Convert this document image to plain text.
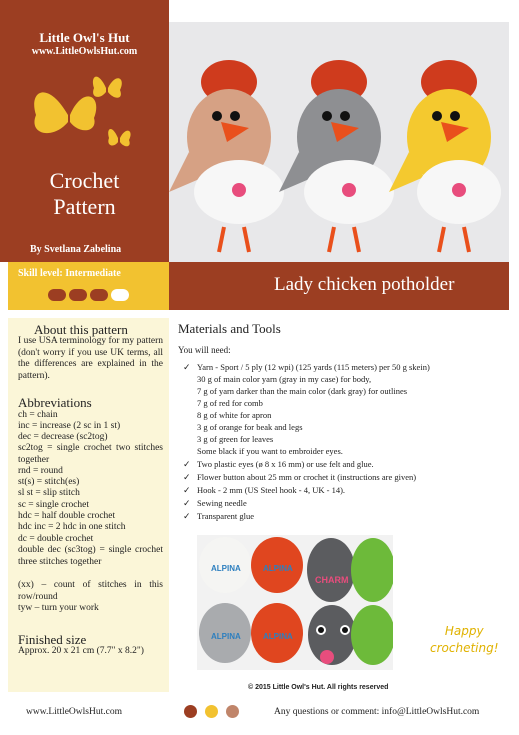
Little Owl's Hut
www.LittleOwlsHut.com
Crochet
Pattern
By Svetlana Zabelina
Skill level: Intermediate
Lady chicken potholder
About this pattern
I use USA terminology for my pattern (don't worry if you use UK terms, all the differences are explained in the pattern).
Abbreviations
ch = chain
inc = increase (2 sc in 1 st)
dec = decrease (sc2tog)
sc2tog = single crochet two stitches together
rnd = round
st(s) = stitch(es)
sl st = slip stitch
sc = single crochet
hdc = half double crochet
hdc inc = 2 hdc in one stitch
dc = double crochet
double dec (sc3tog) = single crochet three stitches together
(xx) – count of stitches in this row/round
tyw – turn your work
Finished size
Approx. 20 x 21 cm (7.7" x 8.2")
Materials and Tools
You will need:
✓ Yarn - Sport / 5 ply (12 wpi) (125 yards (115 meters) per 50 g skein)
30 g of main color yarn (gray in my case) for body,
7 g of yarn darker than the main color (dark gray) for outlines
7 g of red for comb
8 g of white for apron
3 g of orange for beak and legs
3 g of green for leaves
Some black if you want to embroider eyes.
✓ Two plastic eyes (ø 8 x 16 mm) or use felt and glue.
✓ Flower button about 25 mm or crochet it (instructions are given)
✓ Hook - 2 mm (US Steel hook - 4, UK - 14).
✓ Sewing needle
✓ Transparent glue
ALPINA	ALPINA
ALPINA	ALPINA
CHARM
Happy
crocheting!
© 2015 Little Owl's Hut. All rights reserved
www.LittleOwlsHut.com	Any questions or comment: info@LittleOwlsHut.com
